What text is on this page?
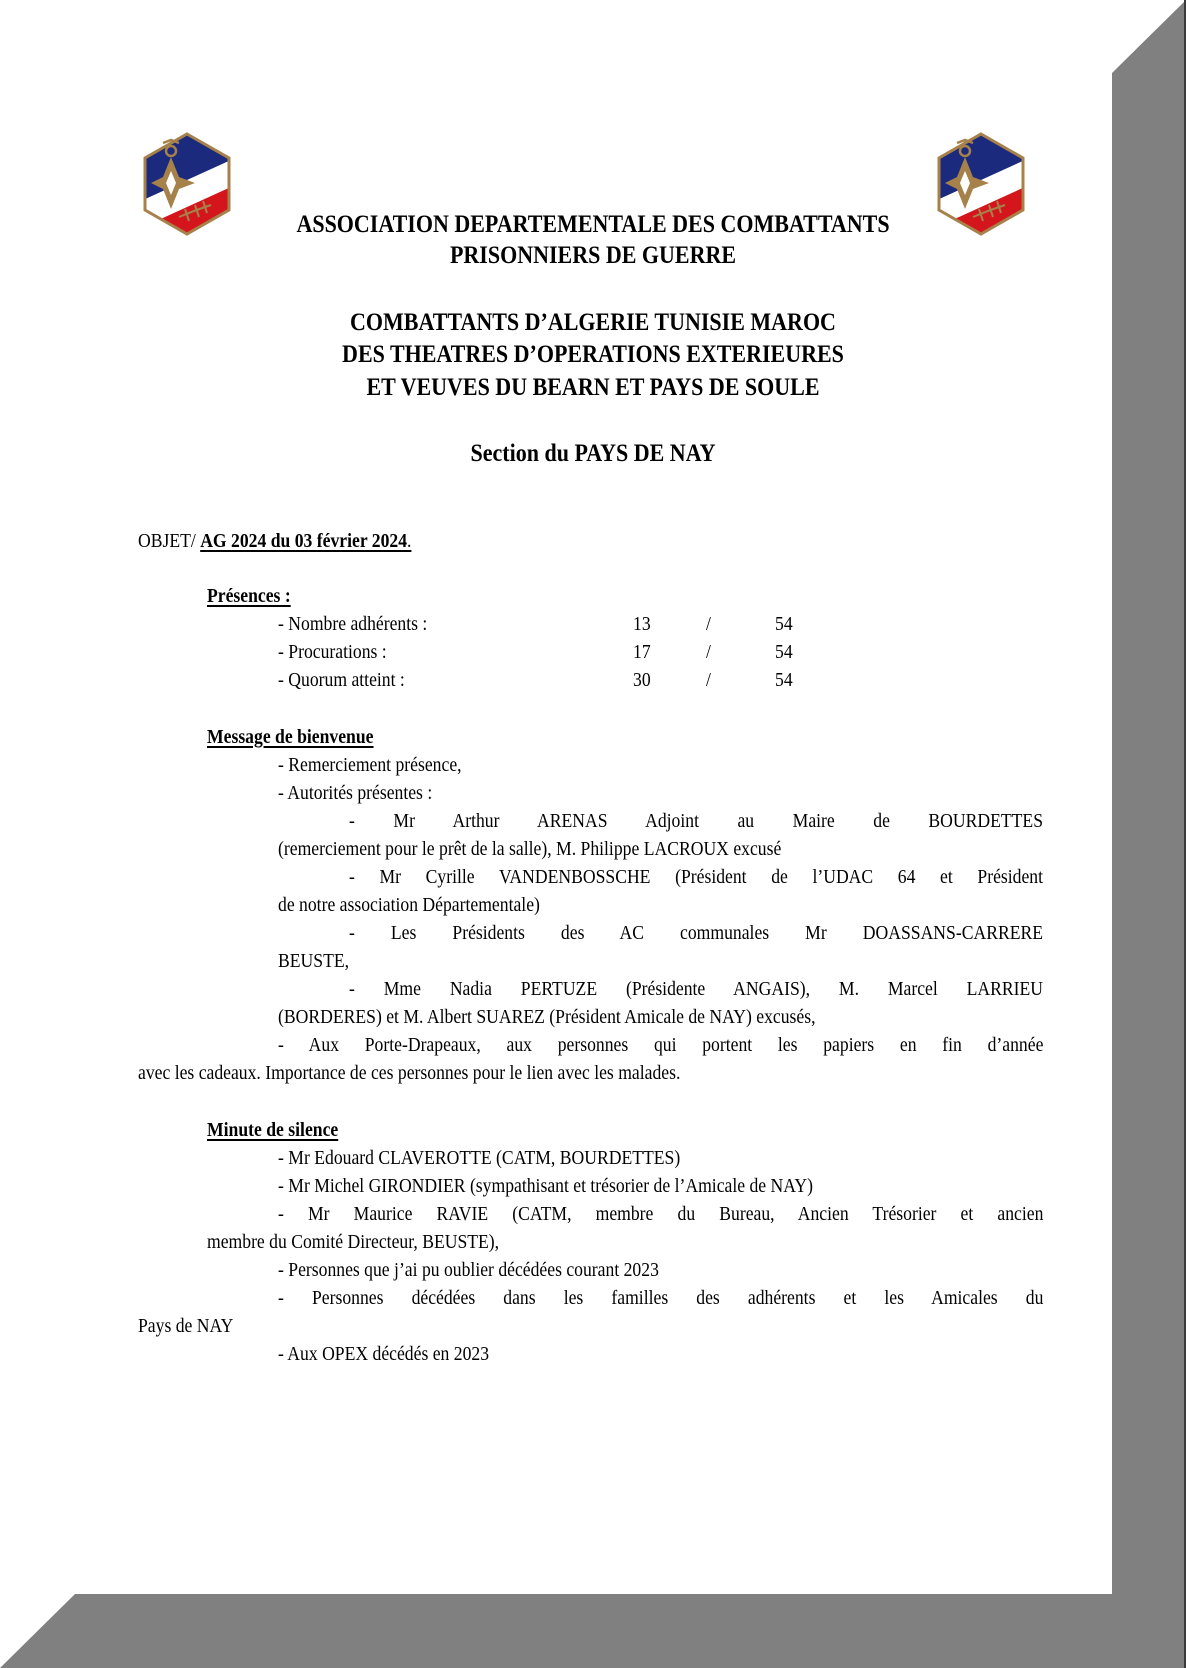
ASSOCIATION DEPARTEMENTALE DES COMBATTANTS
PRISONNIERS DE GUERRE
COMBATTANTS D’ALGERIE TUNISIE MAROC
DES THEATRES D’OPERATIONS EXTERIEURES
ET VEUVES DU BEARN ET PAYS DE SOULE
Section du PAYS DE NAY
OBJET/ AG 2024 du 03 février 2024.
Présences :
- Nombre adhérents :	13	/	54
- Procurations :	17	/	54
- Quorum atteint :	30	/	54
Message de bienvenue
- Remerciement présence,
- Autorités présentes :
- Mr Arthur ARENAS Adjoint au Maire de BOURDETTES
(remerciement pour le prêt de la salle), M. Philippe LACROUX excusé
- Mr Cyrille VANDENBOSSCHE (Président de l’UDAC 64 et Président
de notre association Départementale)
- Les Présidents des AC communales Mr DOASSANS-CARRERE
BEUSTE,
- Mme Nadia PERTUZE (Présidente ANGAIS), M. Marcel LARRIEU
(BORDERES) et M. Albert SUAREZ (Président Amicale de NAY) excusés,
- Aux Porte-Drapeaux, aux personnes qui portent les papiers en fin d’année
avec les cadeaux. Importance de ces personnes pour le lien avec les malades.
Minute de silence
- Mr Edouard CLAVEROTTE (CATM, BOURDETTES)
- Mr Michel GIRONDIER (sympathisant et trésorier de l’Amicale de NAY)
- Mr Maurice RAVIE (CATM, membre du Bureau, Ancien Trésorier et ancien
membre du Comité Directeur, BEUSTE),
- Personnes que j’ai pu oublier décédées courant 2023
- Personnes décédées dans les familles des adhérents et les Amicales du
Pays de NAY
- Aux OPEX décédés en 2023
